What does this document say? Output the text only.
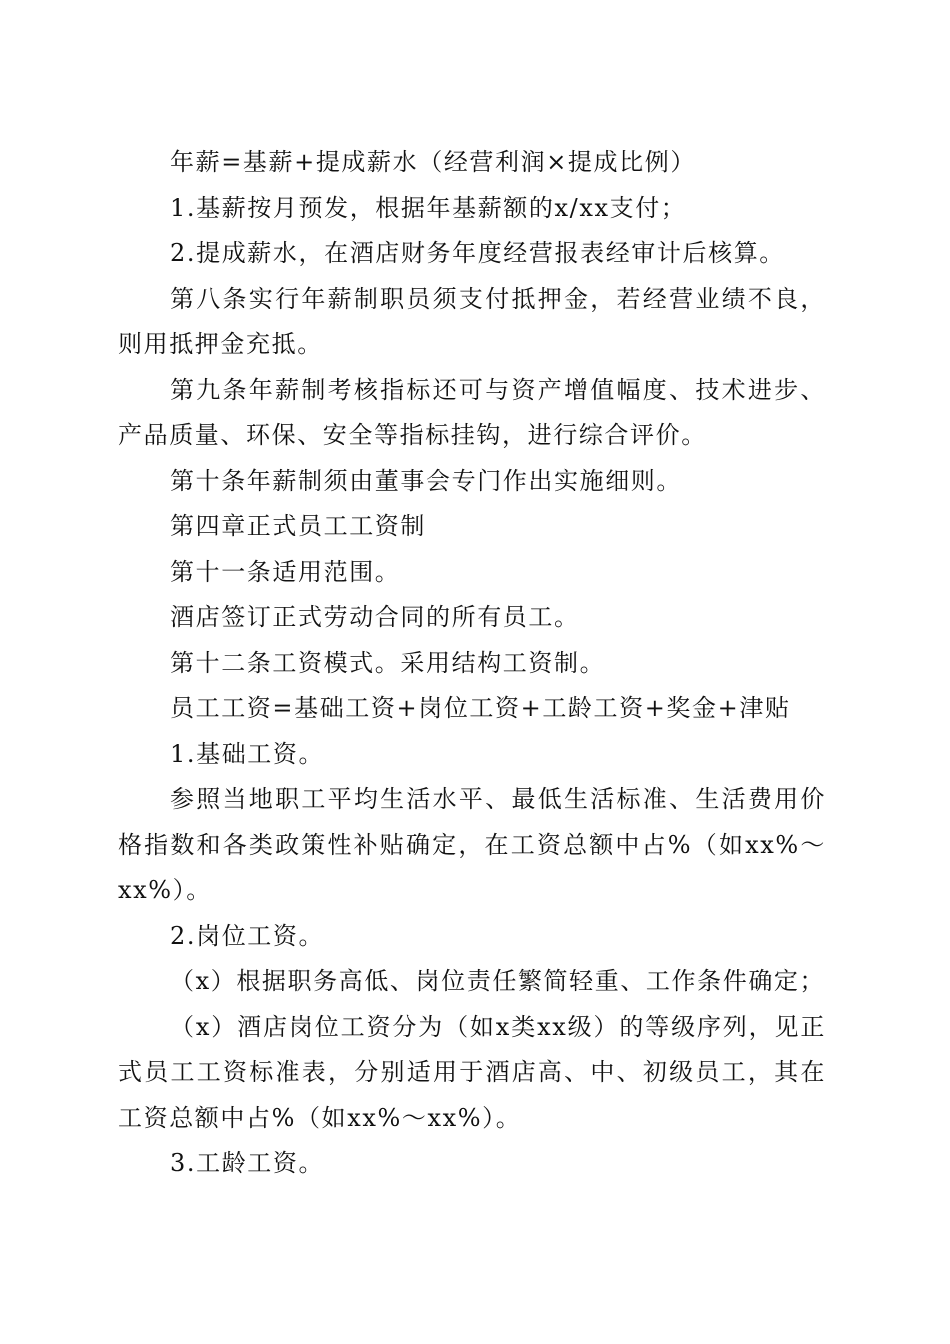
年薪=基薪+提成薪水（经营利润×提成比例）

1.基薪按月预发，根据年基薪额的x/xx支付；

2.提成薪水，在酒店财务年度经营报表经审计后核算。

第八条实行年薪制职员须支付抵押金，若经营业绩不良，则用抵押金充抵。

第九条年薪制考核指标还可与资产增值幅度、技术进步、产品质量、环保、安全等指标挂钩，进行综合评价。

第十条年薪制须由董事会专门作出实施细则。

第四章正式员工工资制

第十一条适用范围。

酒店签订正式劳动合同的所有员工。

第十二条工资模式。采用结构工资制。

员工工资=基础工资+岗位工资+工龄工资+奖金+津贴

1.基础工资。

参照当地职工平均生活水平、最低生活标准、生活费用价格指数和各类政策性补贴确定，在工资总额中占%（如xx%～xx%）。

2.岗位工资。

（x）根据职务高低、岗位责任繁简轻重、工作条件确定；

（x）酒店岗位工资分为（如x类xx级）的等级序列，见正式员工工资标准表，分别适用于酒店高、中、初级员工，其在工资总额中占%（如xx%～xx%）。

3.工龄工资。
